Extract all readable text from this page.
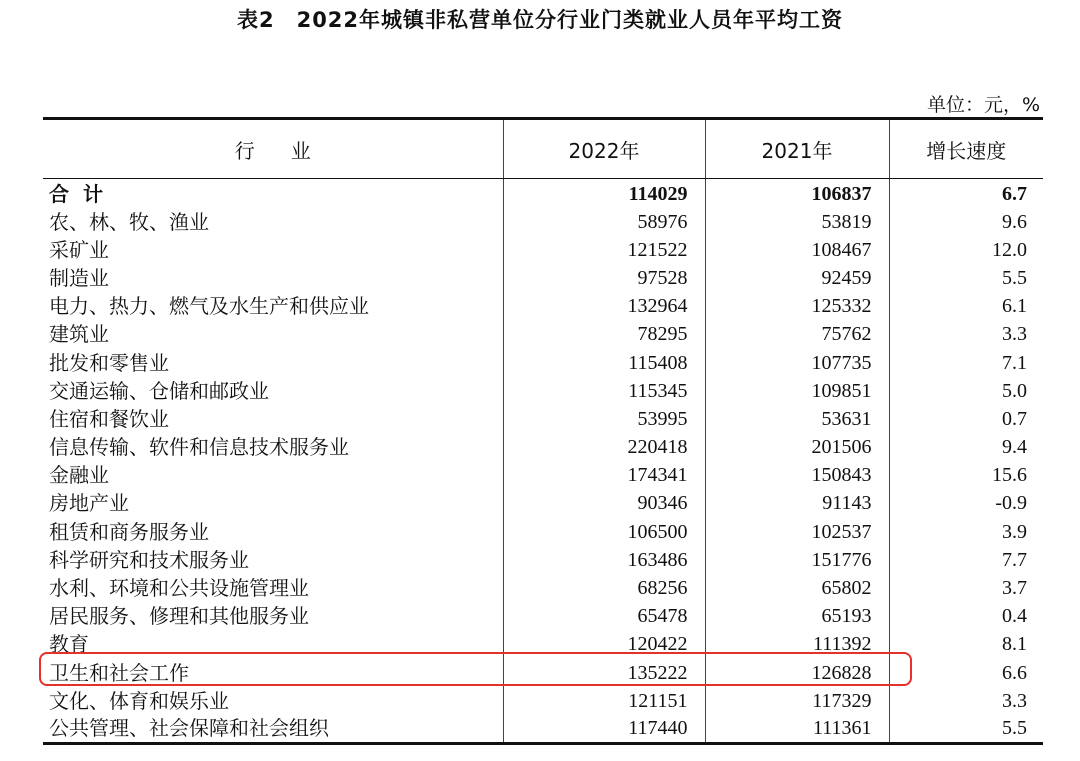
表2　2022年城镇非私营单位分行业门类就业人员年平均工资
单位：元，%
行业	2022年	2021年	增长速度
合计	114029	106837	6.7
农、林、牧、渔业	58976	53819	9.6
采矿业	121522	108467	12.0
制造业	97528	92459	5.5
电力、热力、燃气及水生产和供应业	132964	125332	6.1
建筑业	78295	75762	3.3
批发和零售业	115408	107735	7.1
交通运输、仓储和邮政业	115345	109851	5.0
住宿和餐饮业	53995	53631	0.7
信息传输、软件和信息技术服务业	220418	201506	9.4
金融业	174341	150843	15.6
房地产业	90346	91143	-0.9
租赁和商务服务业	106500	102537	3.9
科学研究和技术服务业	163486	151776	7.7
水利、环境和公共设施管理业	68256	65802	3.7
居民服务、修理和其他服务业	65478	65193	0.4
教育	120422	111392	8.1
卫生和社会工作	135222	126828	6.6
文化、体育和娱乐业	121151	117329	3.3
公共管理、社会保障和社会组织	117440	111361	5.5
